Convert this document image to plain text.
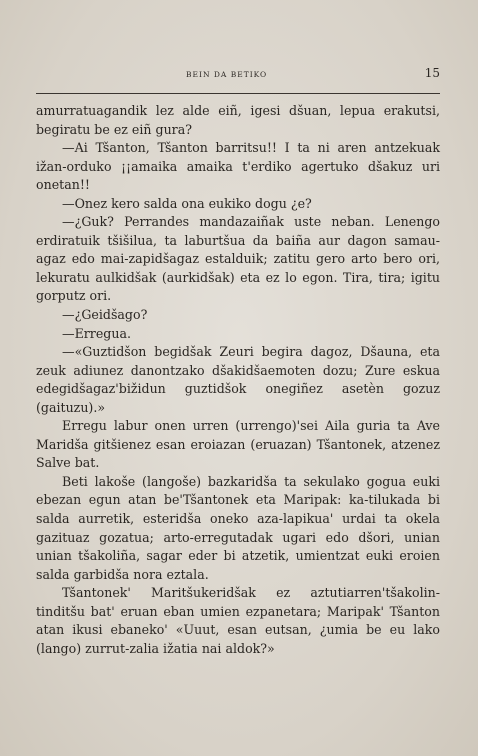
BEIN DA BETIKO	15

amurratuagandik lez alde eiñ, igesi dšuan, lepua erakutsi, begiratu be ez eiñ gura?

—Ai Tšanton, Tšanton barritsu!! I ta ni aren antzekuak ižan-orduko ¡¡amaika amaika t'erdiko agertuko dšakuz uri onetan!!

—Onez kero salda ona eukiko dogu ¿e?

—¿Guk? Perrandes mandazaiñak uste neban. Lenengo erdiratuik tšišilua, ta laburtšua da baiña aur dagon samau-agaz edo mai-zapidšagaz estalduik; zatitu gero arto bero ori, lekuratu aulkidšak (aurkidšak) eta ez lo egon. Tira, tira; igitu gorputz ori.

—¿Geidšago?

—Erregua.

—«Guztidšon begidšak Zeuri begira dagoz, Dšauna, eta zeuk adiunez danontzako dšakidšaemoten dozu; Zure eskua edegidšagaz'bižidun guztidšok onegiñez asetèn gozuz (gaituzu).»

Erregu labur onen urren (urrengo)'sei Aila guria ta Ave Maridša gitšienez esan eroiazan (eruazan) Tšantonek, atzenez Salve bat.

Beti lakoše (langoše) bazkaridša ta sekulako gogua euki ebezan egun atan be'Tšantonek eta Maripak: ka-tilukada bi salda aurretik, esteridša oneko aza-lapikua' urdai ta okela gazituaz gozatua; arto-erregutadak ugari edo dšori, unian unian tšakoliña, sagar eder bi atzetik, umientzat euki eroien salda garbidša nora eztala.

Tšantonek' Maritšukeridšak ez aztutiarren'tšakolin-tinditšu bat' eruan eban umien ezpanetara; Maripak' Tšanton atan ikusi ebaneko' «Uuut, esan eutsan, ¿umia be eu lako (lango) zurrut-zalia ižatia nai aldok?»
